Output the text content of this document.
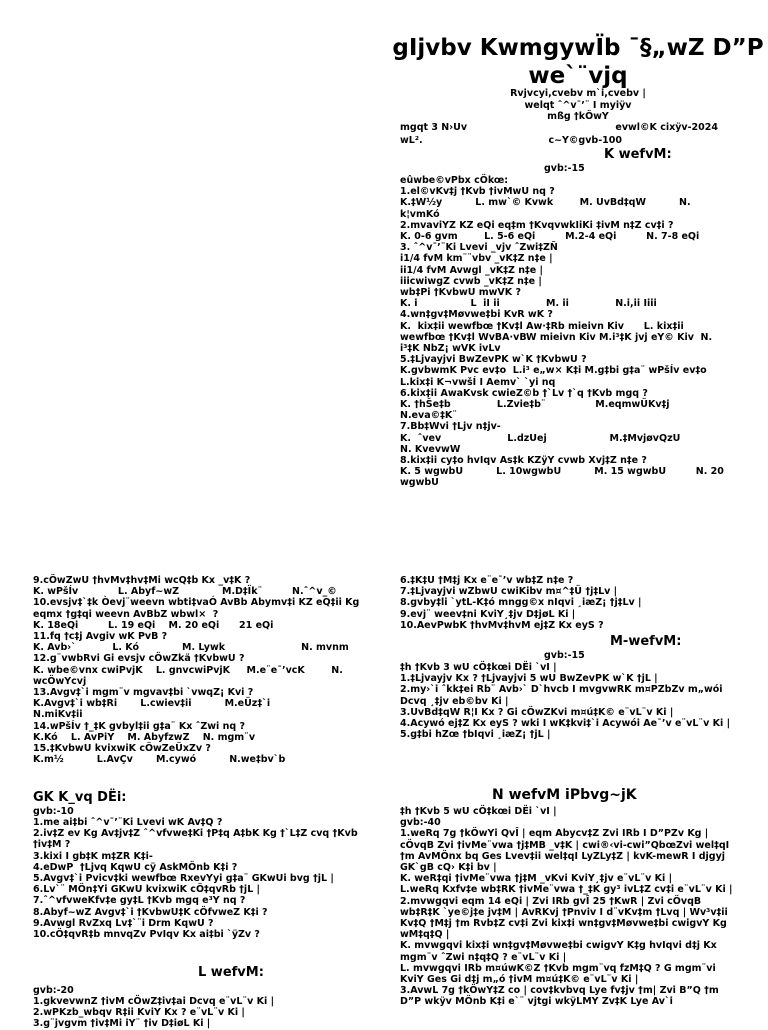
gIjvbv KwmgywÏb ¯§„wZ D”P we`¨vjq
Rvjvcyi,cvebv m`i,cvebv |
welqt ˆ^v¯’¨ I myiÿv
mßg †kÖwY
mgqt 3 N›Uv	evwl©K cixÿv-2024
wL².	c~Y©gvb-100
K wefvM:
gvb:-15
eûwbe©vPbx cÖkœ:
1.el©vKv‡j †Kvb †ivMwU nq ?
K.‡W½y          L. mw`© Kvwk        M. UvBd‡qW          N. k¦vmKó
2.mvaviYZ KZ eQi eq‡m †KvqvwkIiKi ‡ivM n‡Z cv‡i ?
K. 0-6 gvm        L. 5-6 eQi         M.2-4 eQi         N. 7-8 eQi
3. ˆ^v¯’¨Ki Lvevi _vjv ˆZwi‡ZÑ
i1/4 fvM km¨¨vbv _vK‡Z n‡e |
ii1/4 fvM Avwgl _vK‡Z n‡e |
iiicwiwgZ cvwb _vK‡Z n‡e |
wb‡Pi †KvbwU mwVK ?
K. i                L  iI ii              M. ii              N.i,ii Iiii
4.wn‡gv‡Møvwe‡bi KvR wK ?
K.  kix‡ii wewfbœ †Kv‡l Aw·‡Rb mieivn Kiv      L. kix‡ii wewfbœ †Kv‡l WvBA·vBW mieivn Kiv M.i³‡K jvj eY© Kiv  N. i³‡K NbZ¡ wVK ivLv
5.‡Ljvayjvi BwZevPK w`K †KvbwU ?
K.gvbwmK Pvc ev‡o  L.i³ e„w× K‡i M.g‡bi g‡a¨ wPšÍv ev‡o L.kix‡i K¬vwšÍ I Aemv` `yi nq
6.kix‡ii AwaKvsk cwieZ©b †`Lv †`q †Kvb mgq ?
K. †hŠe‡b              L.Zvie‡b¨               M.eqmwÜKv‡j  N.eva©‡K¨
7.Bb‡Wvi †Ljv n‡jv-
K.  ˆvev                    L.dzUej                   M.‡MvjøvQzU            N. KvevwW
8.kix‡ii cy‡o hvIqv As‡k KZÿY cvwb Xvj‡Z n‡e ?
K. 5 wgwbU          L. 10wgwbU          M. 15 wgwbU         N. 20 wgwbU
9.cÖwZwU †hvMv‡hv‡Mi wcQ‡b Kx _v‡K ?
K. wPšÍv            L. Abyf~wZ             M.D‡Ïk¨         N.ˆ^v_©
10.evsjv‡`‡k Òevj¨weevn wbti‡vaÓ AvBb Abymv‡i KZ eQ‡ii Kg eqmx †g‡qi weevn AvBbZ wbwl×  ?
K. 18eQi         L. 19 eQi    M. 20 eQi      21 eQi
11.fq †c‡j Avgiv wK PvB ?
K. Avb›`           L. Kó             M. Lywk                       N. mvnm
12.g¨vwbRvi Gi evsjv cÖwZkä †KvbwU ?
K. wbe©vnx cwiPvjK    L. gnvcwiPvjK     M.e¨e¯’vcK        N. wcÖwYcvj
13.Avgv‡`i mgm¨v mgvav‡bi `vwqZ¡ Kvi ?
K.Avgv‡`i wb‡Ri       L.cwiev‡ii          M.eÜz‡`i                 N.miKv‡ii
14.wPšÍv †_‡K gvbyl‡ii g‡a¨ Kx ˆZwi nq ?
K.Kó    L. AvPiY    M. AbyfzwZ    N. mgm¨v
15.‡KvbwU kvixwiK cÖwZeÜxZv ?
K.m½          L.AvÇv       M.cywó          N.we‡bv`b
GK K_vq DËi:
gvb:-10
1.me ai‡bi ˆ^v¯’¨Ki Lvevi wK Av‡Q ?
2.iv‡Z ev Kg Av‡jv‡Z ˆ^vfvwe‡Ki †P‡q A‡bK Kg †`L‡Z cvq †Kvb †iv‡M ?
3.kixi I gb‡K m‡ZR K‡i-
4.eDwP  †Ljvq KqwU cÿ AskMÖnb K‡i ?
5.Avgv‡`i Pvicv‡ki wewfbœ RxevYyi g‡a¨ GKwUi bvg †jL |
6.Lv`¨ MÖn‡Yi GKwU kvixwiK cÖ‡qvRb †jL |
7.ˆ^vfvweKfv‡e gy‡L †Kvb mgq e³Y nq ?
8.Abyf~wZ Avgv‡`i †KvbwU‡K cÖfvweZ K‡i ?
9.Avwgl RvZxq Lv‡`¨i Drm KqwU ?
10.cÖ‡qvR‡b mnvqZv PvIqv Kx ai‡bi `ÿZv ?
L wefvM:
gvb:-20
1.gkvevwnZ †ivM cÖwZ‡iv‡ai Dcvq e¨vL¨v Ki |
2.wPKzb_wbqv R‡ii KviY Kx ? e¨vL¨v Ki |
3.g¨jvgvm †iv‡Mi iY¨ †iv D‡iøL Ki |
6.‡K‡U †M‡j Kx e¨e¯’v wb‡Z n‡e ?
7.‡Ljvayjvi wZbwU cwiKibv m¤^‡Ü †j‡Lv |
8.gvby‡li `ytL-K‡ó mngg©x nIqvi ¸iæZ¡ †j‡Lv |
9.evj¨ weev‡ni KviY¸‡jv D‡jøL Ki |
10.AevPwbK †hvMv‡hvM ej‡Z Kx eyS ?
M-wefvM:
gvb:-15
‡h †Kvb 3 wU cÖ‡kœi DËi `vI |
1.‡Ljvayjv Kx ? †Ljvayjvi 5 wU BwZevPK w`K †jL |
2.my›`i ˆkk‡ei Rb¨ Avb›` D`hvcb I mvgvwRK m¤PZbZv m„wói Dcvq ¸‡jv eb©bv Ki |
3.UvBd‡qW R¦I Kx ? Gi cÖwZKvi m¤ú‡K© e¨vL¨v Ki |
4.Acywó ej‡Z Kx eyS ? wki I wK‡kvi‡`i Acywói Ae¯’v e¨vL¨v Ki |
5.g‡bi hZœ †bIqvi ¸iæZ¡ †jL |
N wefvM iPbvg~jK
‡h †Kvb 5 wU cÖ‡kœi DËi `vI |
gvb:-40
1.weRq 7g †kÖwYi QvÎ | eqm Abycv‡Z Zvi IRb I D”PZv Kg | cÖvqB Zvi †ivMe¨vwa †j‡MB _v‡K | cwi®‹vi-cwi”QbœZvi wel‡qI †m AvMÖnx bq Ges Lvev‡ii wel‡qI LyZLy‡Z | kvK-mewR I djgyj GK`gB cQ› K‡i bv |
K. weR‡qi †ivMe¨vwa †j‡M _vKvi KviY¸‡jv e¨vL¨v Ki |
L.weRq Kxfv‡e wb‡RK †ivMe¨vwa †_‡K gy³ ivL‡Z cv‡i e¨vL¨v Ki |
2.mvwgqvi eqm 14 eQi | Zvi IRb gvÎ 25 †KwR | Zvi cÖvqB wb‡R‡K `ye©j‡e jv‡M | AvRKvj †Pnviv I d¨vKv‡m †Lvq | Wv³v‡ii Kv‡Q †M‡j †m Rvb‡Z cv‡i Zvi kix‡i wn‡gv‡Møvwe‡bi cwigvY Kg wM‡q‡Q |
K. mvwgqvi kix‡i wn‡gv‡Møvwe‡bi cwigvY K‡g hvIqvi d‡j Kx mgm¨v ˆZwi n‡q‡Q ? e¨vL¨v Ki |
L. mvwgqvi IRb m¤úwK©Z †Kvb mgm¨vq fzM‡Q ? G mgm¨vi KviY Ges Gi d‡j m„ó †ivM m¤ú‡K© e¨vL¨v Ki |
3.AvwL 7g †kÖwY‡Z co | cov‡kvbvq Lye fv‡jv †m| Zvi B”Q †m D”P wkÿv MÖnb K‡i e`¨ vjtgi wkÿLMY Zv‡K Lye Av`i
